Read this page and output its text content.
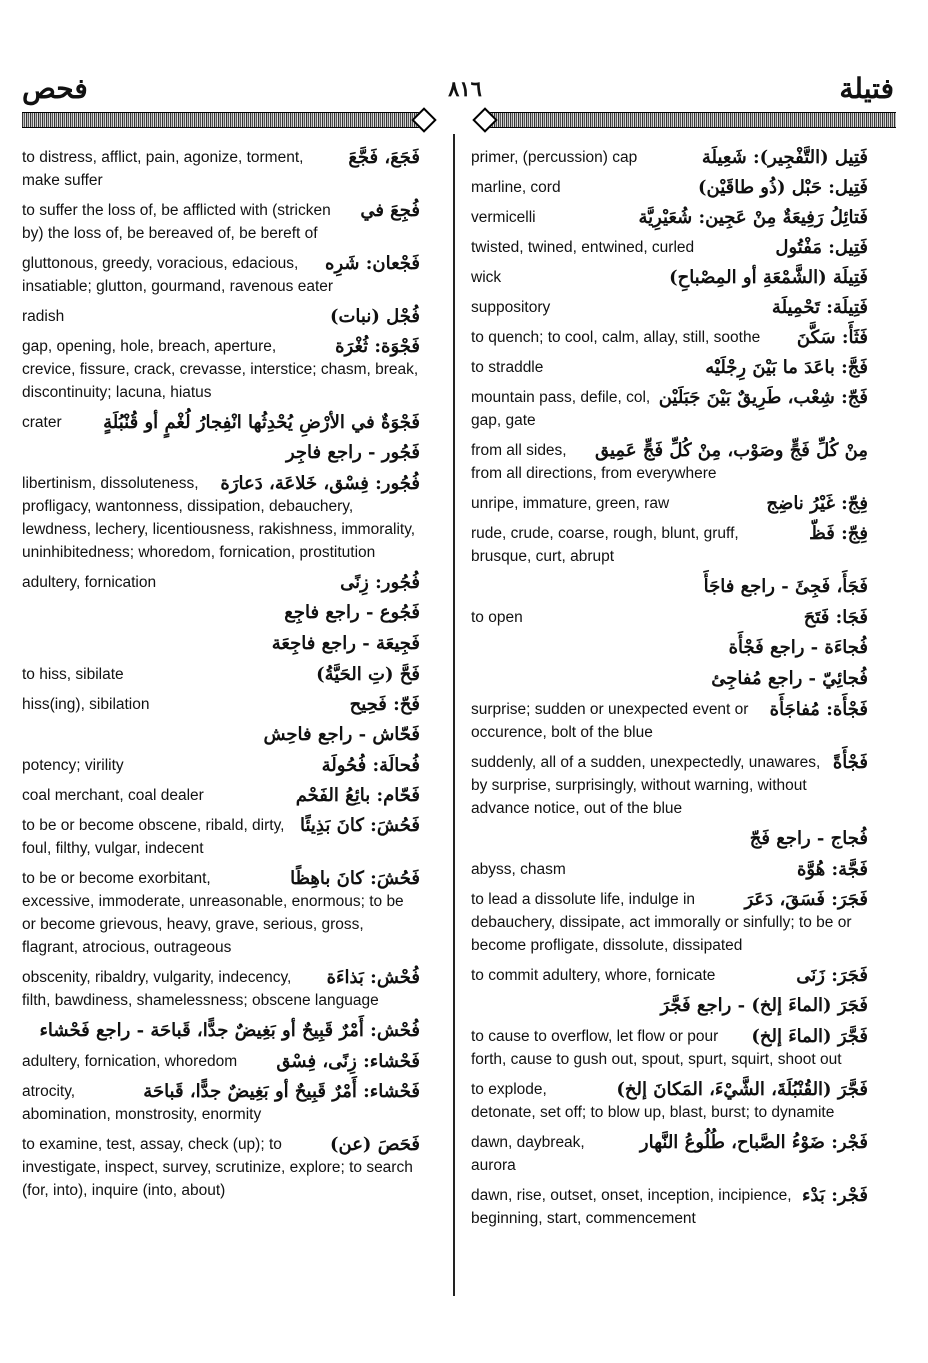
فحص	٨١٦	فتيلة
فَجَعَ، فَجَّعَ
to distress, afflict, pain, agonize, torment, make suffer
فُجِعَ في
to suffer the loss of, be afflicted with (stricken by) the loss of, be bereaved of, be bereft of
فَجْعان: شَرِه
gluttonous, greedy, voracious, edacious, insatiable; glutton, gourmand, ravenous eater
فُجْل (نبات)
radish
فَجْوَة: ثُغْرَة
gap, opening, hole, breach, aperture, crevice, fissure, crack, crevasse, interstice; chasm, break, discontinuity; lacuna, hiatus
فَجْوَةٌ في الأرْضِ يُحْدِثُها انْفِجارُ لُغْمٍ أو قُنْبُلَةٍ
crater
فَجُور - راجع فاجِر
فُجُور: فِسْق، خَلاعَة، دَعارَة
libertinism, dissoluteness, profligacy, wantonness, dissipation, debauchery, lewdness, lechery, licentiousness, rakishness, immorality, uninhibitedness; whoredom, fornication, prostitution
فُجُور: زِنًى
adultery, fornication
فَجُوع - راجع فاجِع
فَجِيعَة - راجع فاجِعَة
فَحَّ (تِ الحَيَّةُ)
to hiss, sibilate
فَحّ: فَحِيح
hiss(ing), sibilation
فَحّاش - راجع فاحِش
فُحالَة: فُحُولَة
potency; virility
فَحّام: بائِعُ الفَحْم
coal merchant, coal dealer
فَحُشَ: كانَ بَذِيئًا
to be or become obscene, ribald, dirty, foul, filthy, vulgar, indecent
فَحُشَ: كانَ باهِظًا
to be or become exorbitant, excessive, immoderate, unreasonable, enormous; to be or become grievous, heavy, grave, serious, gross, flagrant, atrocious, outrageous
فُحْش: بَذاءَة
obscenity, ribaldry, vulgarity, indecency, filth, bawdiness, shamelessness; obscene language
فُحْش: أَمْرٌ قَبِيحٌ أو بَغِيضٌ جدًّا، قَباحَة - راجع فَحْشاء
فَحْشاء: زِنًى، فِسْق
adultery, fornication, whoredom
فَحْشاء: أَمْرٌ قَبِيحٌ أو بَغِيضٌ جدًّا، قَباحَة
atrocity, abomination, monstrosity, enormity
فَحَصَ (عن)
to examine, test, assay, check (up); to investigate, inspect, survey, scrutinize, explore; to search (for, into), inquire (into, about)
فَتِيل (التَّفْجِير): شَعِيلَة
primer, (percussion) cap
فَتِيل: حَبْل (ذُو طاقَيْن)
marline, cord
فَتائِلُ رَفِيعَةٌ مِنْ عَجِين: شُعَيْرِيَّة
vermicelli
فَتِيل: مَفْتُول
twisted, twined, entwined, curled
فَتِيلَة (الشَّمْعَةِ أو المِصْباحِ)
wick
فَتِيلَة: تَحْمِيلَة
suppository
فَثَأَ: سَكَّنَ
to quench; to cool, calm, allay, still, soothe
فَجَّ: باعَدَ ما بَيْنَ رِجْلَيْه
to straddle
فَجّ: شِعْب، طَرِيقٌ بَيْنَ جَبَلَيْن
mountain pass, defile, col, gap, gate
مِنْ كُلِّ فَجٍّ وصَوْب، مِنْ كُلِّ فَجٍّ عَمِيق
from all sides, from all directions, from everywhere
فِجّ: غَيْرُ ناضِج
unripe, immature, green, raw
فِجّ: فَظّ
rude, crude, coarse, rough, blunt, gruff, brusque, curt, abrupt
فَجَأَ، فَجِئَ - راجع فاجَأَ
فَجَا: فَتَحَ
to open
فُجاءَة - راجع فَجْأَة
فُجائِيّ - راجع مُفاجِئ
فَجْأَة: مُفاجَأَة
surprise; sudden or unexpected event or occurence, bolt of the blue
فَجْأَةً
suddenly, all of a sudden, unexpectedly, unawares, by surprise, surprisingly, without warning, without advance notice, out of the blue
فُجاج - راجع فَجّ
فَجَّة: هُوَّة
abyss, chasm
فَجَرَ: فَسَقَ، دَعَرَ
to lead a dissolute life, indulge in debauchery, dissipate, act immorally or sinfully; to be or become profligate, dissolute, dissipated
فَجَرَ: زَنَى
to commit adultery, whore, fornicate
فَجَرَ (الماءَ إلخ) - راجع فَجَّرَ
فَجَّرَ (الماءَ إلخ)
to cause to overflow, let flow or pour forth, cause to gush out, spout, spurt, squirt, shoot out
فَجَّرَ (القُنْبُلَةَ، الشَّيْءَ، المَكانَ إلخ)
to explode, detonate, set off; to blow up, blast, burst; to dynamite
فَجْر: ضَوْءُ الصَّباح، طُلُوعُ النَّهار
dawn, daybreak, aurora
فَجْر: بَدْء
dawn, rise, outset, onset, inception, incipience, beginning, start, commencement
